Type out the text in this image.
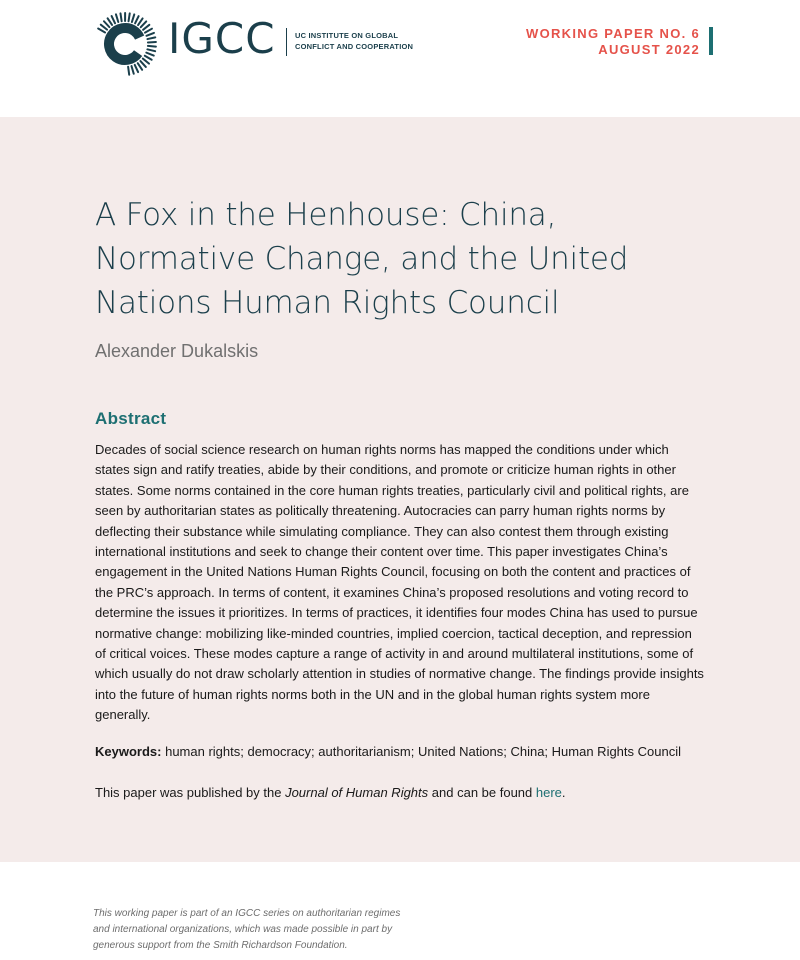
IGCC	UC INSTITUTE ON GLOBAL
CONFLICT AND COOPERATION
WORKING PAPER NO. 6
AUGUST 2022
A Fox in the Henhouse: China,
Normative Change, and the United
Nations Human Rights Council
Alexander Dukalskis
Abstract

Decades of social science research on human rights norms has mapped the conditions under which states sign and ratify treaties, abide by their conditions, and promote or criticize human rights in other states. Some norms contained in the core human rights treaties, particularly civil and political rights, are seen by authoritarian states as politically threatening. Autocracies can parry human rights norms by deflecting their substance while simulating compliance. They can also contest them through existing international institutions and seek to change their content over time. This paper investigates China’s engagement in the United Nations Human Rights Council, focusing on both the content and practices of the PRC’s approach. In terms of content, it examines China’s proposed resolutions and voting record to determine the issues it prioritizes. In terms of practices, it identifies four modes China has used to pursue normative change: mobilizing like-minded countries, implied coercion, tactical deception, and repression of critical voices. These modes capture a range of activity in and around multilateral institutions, some of which usually do not draw scholarly attention in studies of normative change. The findings provide insights into the future of human rights norms both in the UN and in the global human rights system more generally.

Keywords: human rights; democracy; authoritarianism; United Nations; China; Human Rights Council

This paper was published by the Journal of Human Rights and can be found here.

This working paper is part of an IGCC series on authoritarian regimes
and international organizations, which was made possible in part by
generous support from the Smith Richardson Foundation.
